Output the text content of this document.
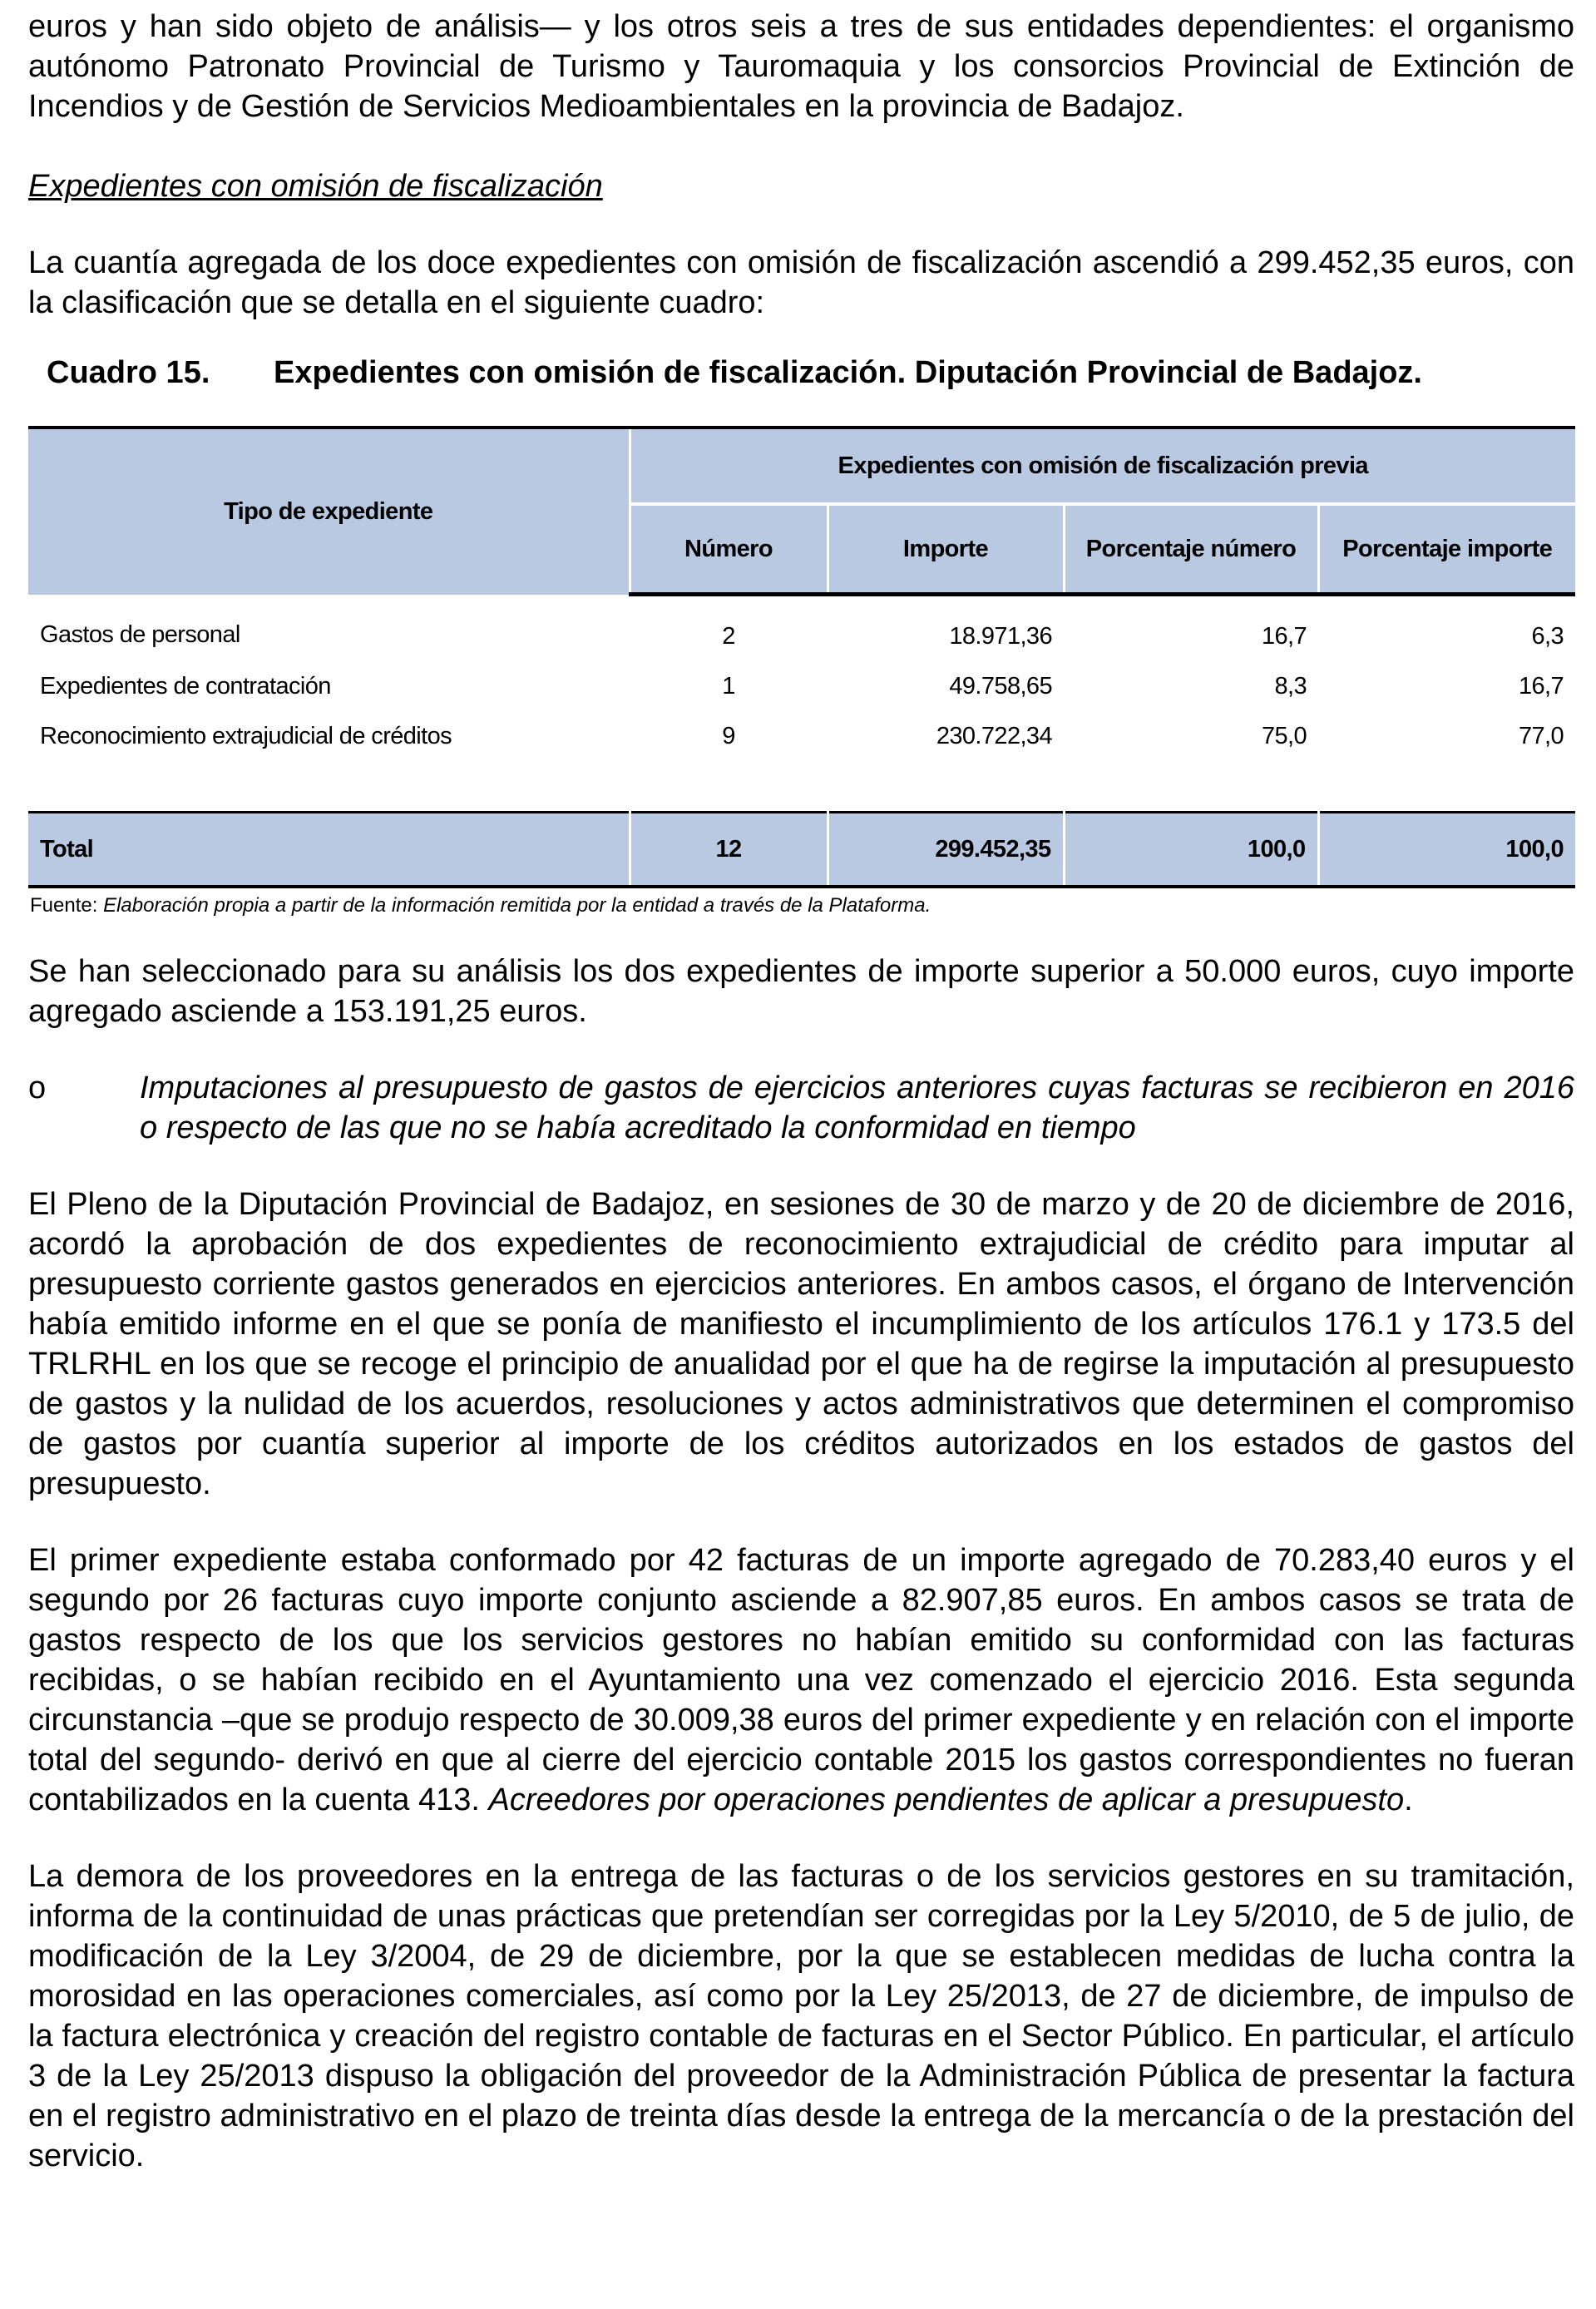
euros y han sido objeto de análisis— y los otros seis a tres de sus entidades dependientes: el organismo autónomo Patronato Provincial de Turismo y Tauromaquia y los consorcios Provincial de Extinción de Incendios y de Gestión de Servicios Medioambientales en la provincia de Badajoz.

Expedientes con omisión de fiscalización

La cuantía agregada de los doce expedientes con omisión de fiscalización ascendió a 299.452,35 euros, con la clasificación que se detalla en el siguiente cuadro:

Cuadro 15.	Expedientes con omisión de fiscalización. Diputación Provincial de Badajoz.
Tipo de expediente	Expedientes con omisión de fiscalización previa			
	Número	Importe	Porcentaje número	Porcentaje importe
Gastos de personal	2	18.971,36	16,7	6,3
Expedientes de contratación	1	49.758,65	8,3	16,7
Reconocimiento extrajudicial de créditos	9	230.722,34	75,0	77,0

Total	12	299.452,35	100,0	100,0
Fuente: Elaboración propia a partir de la información remitida por la entidad a través de la Plataforma.

Se han seleccionado para su análisis los dos expedientes de importe superior a 50.000 euros, cuyo importe agregado asciende a 153.191,25 euros.

o	Imputaciones al presupuesto de gastos de ejercicios anteriores cuyas facturas se recibieron en 2016 o respecto de las que no se había acreditado la conformidad en tiempo

El Pleno de la Diputación Provincial de Badajoz, en sesiones de 30 de marzo y de 20 de diciembre de 2016, acordó la aprobación de dos expedientes de reconocimiento extrajudicial de crédito para imputar al presupuesto corriente gastos generados en ejercicios anteriores. En ambos casos, el órgano de Intervención había emitido informe en el que se ponía de manifiesto el incumplimiento de los artículos 176.1 y 173.5 del TRLRHL en los que se recoge el principio de anualidad por el que ha de regirse la imputación al presupuesto de gastos y la nulidad de los acuerdos, resoluciones y actos administrativos que determinen el compromiso de gastos por cuantía superior al importe de los créditos autorizados en los estados de gastos del presupuesto.

El primer expediente estaba conformado por 42 facturas de un importe agregado de 70.283,40 euros y el segundo por 26 facturas cuyo importe conjunto asciende a 82.907,85 euros. En ambos casos se trata de gastos respecto de los que los servicios gestores no habían emitido su conformidad con las facturas recibidas, o se habían recibido en el Ayuntamiento una vez comenzado el ejercicio 2016. Esta segunda circunstancia –que se produjo respecto de 30.009,38 euros del primer expediente y en relación con el importe total del segundo- derivó en que al cierre del ejercicio contable 2015 los gastos correspondientes no fueran contabilizados en la cuenta 413. Acreedores por operaciones pendientes de aplicar a presupuesto.

La demora de los proveedores en la entrega de las facturas o de los servicios gestores en su tramitación, informa de la continuidad de unas prácticas que pretendían ser corregidas por la Ley 5/2010, de 5 de julio, de modificación de la Ley 3/2004, de 29 de diciembre, por la que se establecen medidas de lucha contra la morosidad en las operaciones comerciales, así como por la Ley 25/2013, de 27 de diciembre, de impulso de la factura electrónica y creación del registro contable de facturas en el Sector Público. En particular, el artículo 3 de la Ley 25/2013 dispuso la obligación del proveedor de la Administración Pública de presentar la factura en el registro administrativo en el plazo de treinta días desde la entrega de la mercancía o de la prestación del servicio.
